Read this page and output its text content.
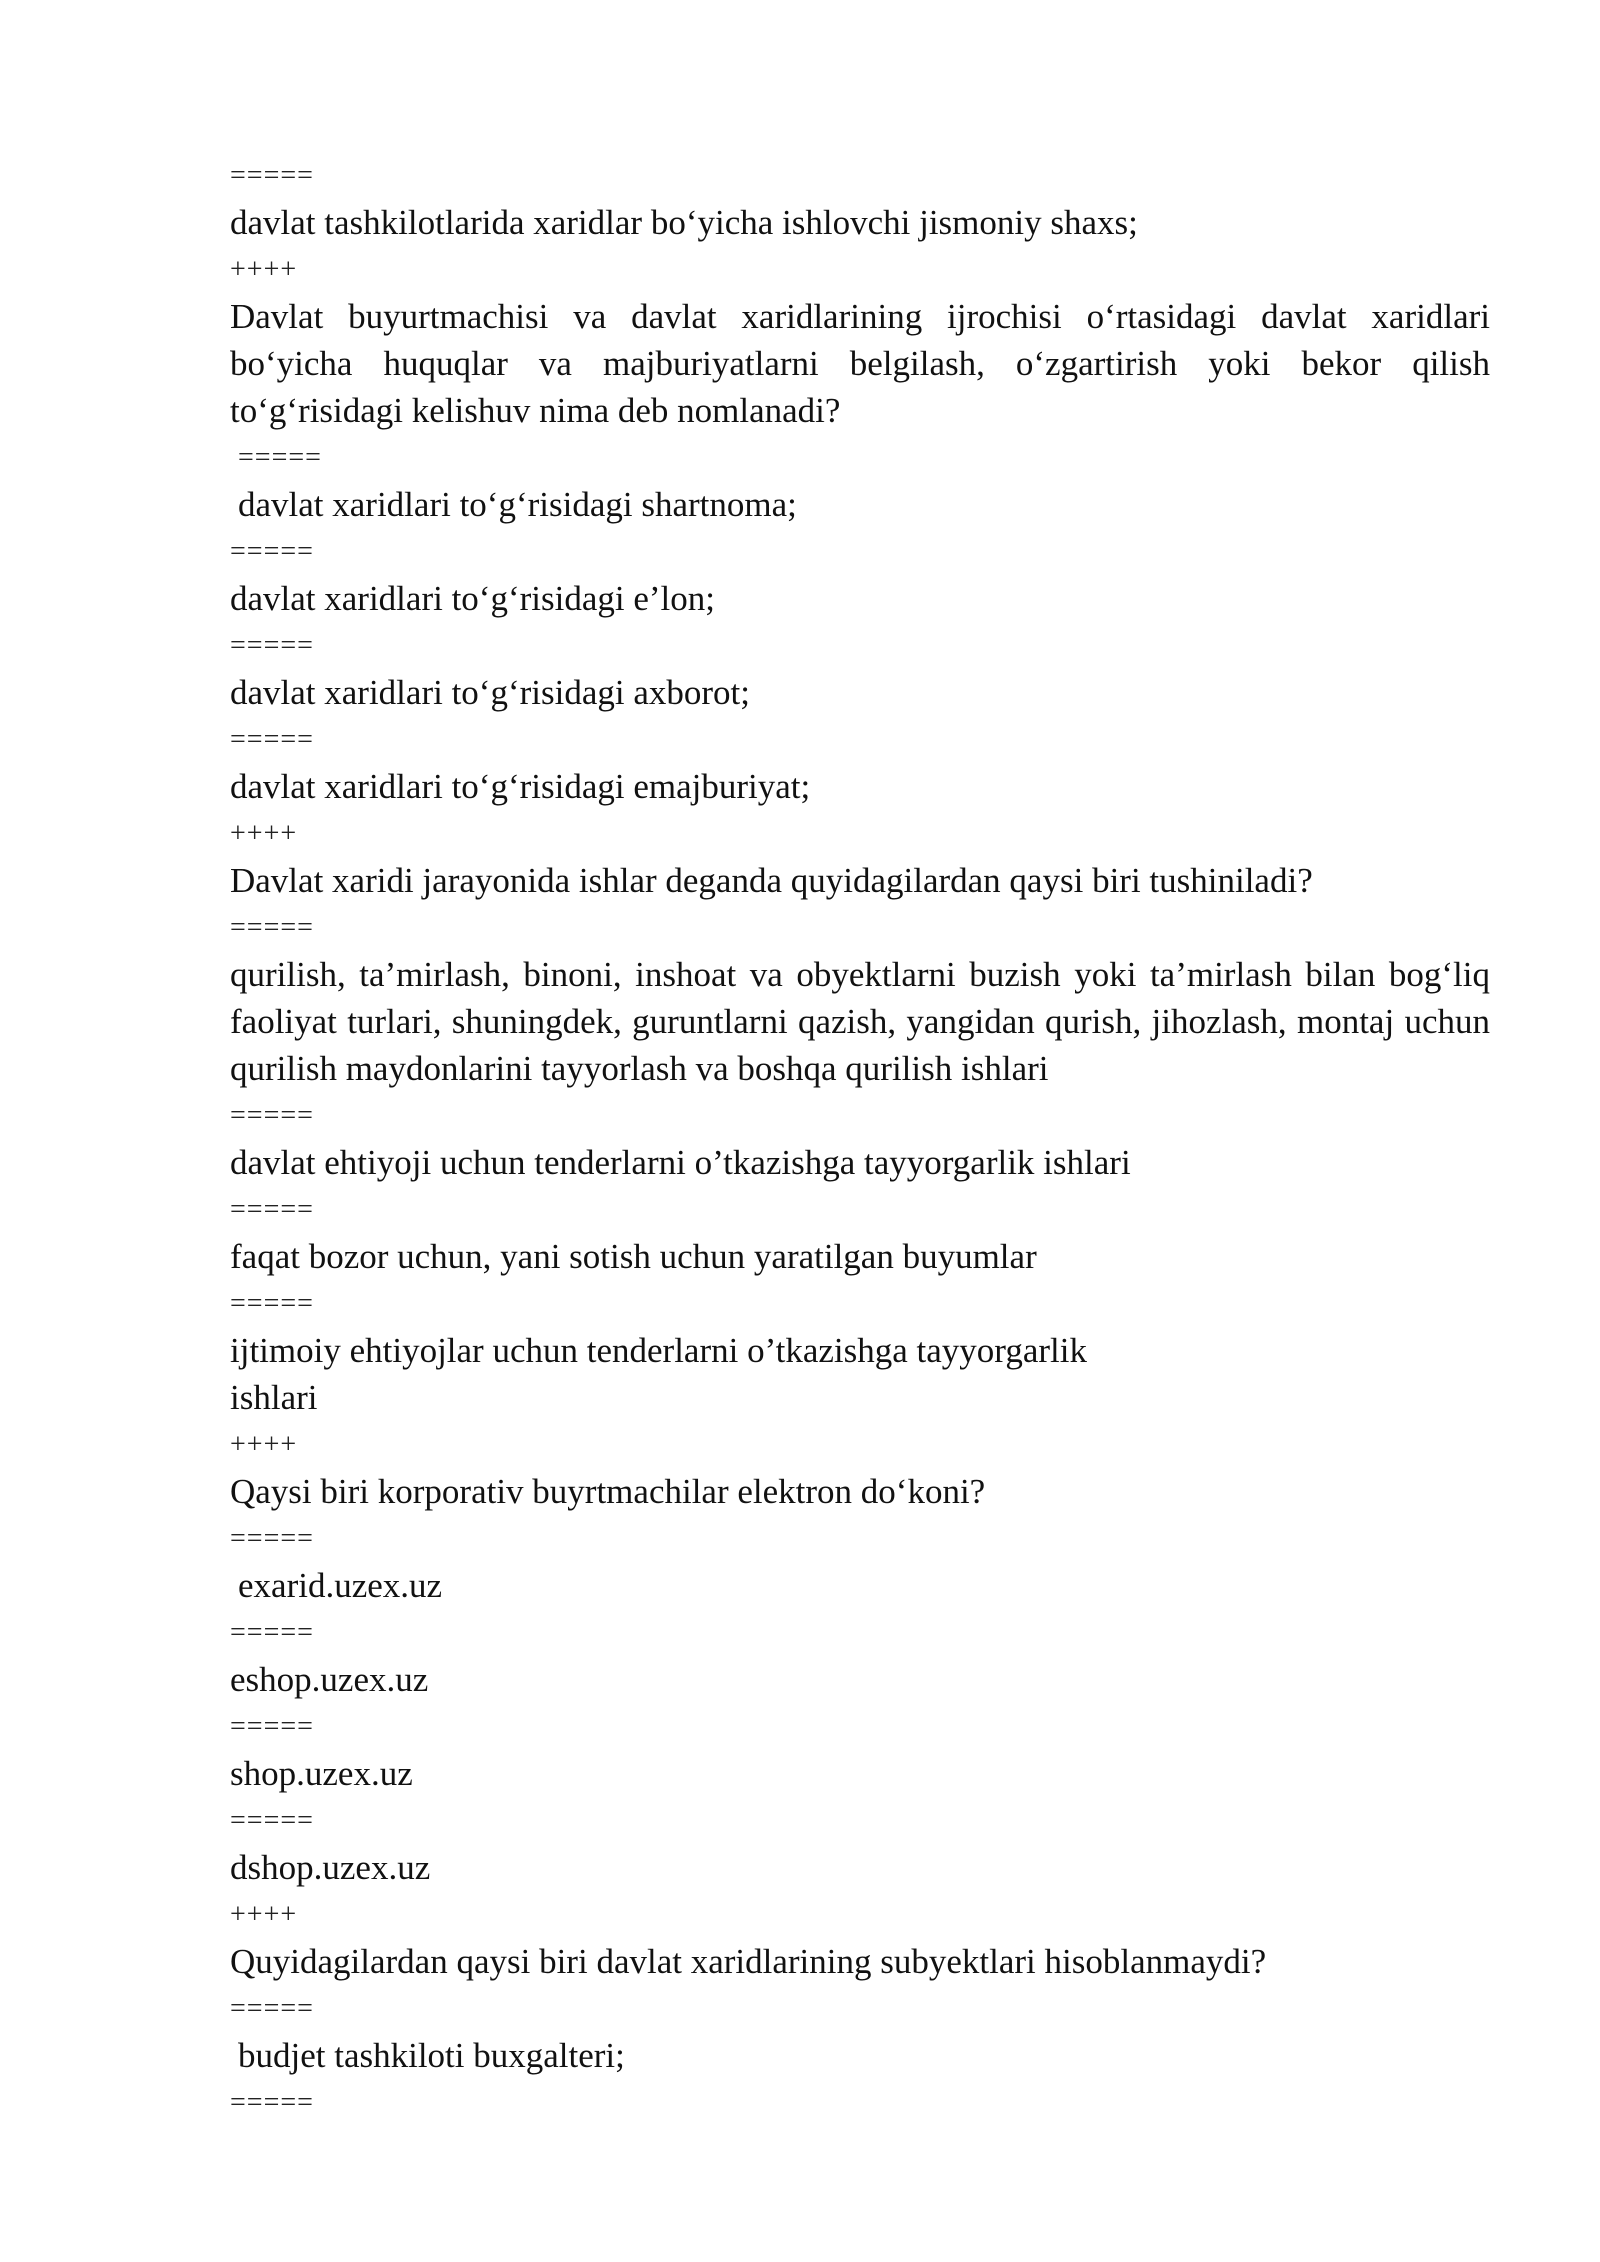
=====
davlat tashkilotlarida xaridlar bo‘yicha ishlovchi jismoniy shaxs;
++++
Davlat buyurtmachisi va davlat xaridlarining ijrochisi o‘rtasidagi davlat xaridlari bo‘yicha huquqlar va majburiyatlarni belgilash, o‘zgartirish yoki bekor qilish to‘g‘risidagi kelishuv nima deb nomlanadi?
=====
davlat xaridlari to‘g‘risidagi shartnoma;
=====
davlat xaridlari to‘g‘risidagi e’lon;
=====
davlat xaridlari to‘g‘risidagi axborot;
=====
davlat xaridlari to‘g‘risidagi emajburiyat;
++++
Davlat xaridi jarayonida ishlar deganda quyidagilardan qaysi biri tushiniladi?
=====
qurilish, ta’mirlash, binoni, inshoat va obyektlarni buzish yoki ta’mirlash bilan bog‘liq faoliyat turlari, shuningdek, guruntlarni qazish, yangidan qurish, jihozlash, montaj uchun qurilish maydonlarini tayyorlash va boshqa qurilish ishlari
=====
davlat ehtiyoji uchun tenderlarni o’tkazishga tayyorgarlik ishlari
=====
faqat bozor uchun, yani sotish uchun yaratilgan buyumlar
=====
ijtimoiy ehtiyojlar uchun tenderlarni o’tkazishga tayyorgarlik
ishlari
++++
Qaysi biri korporativ buyrtmachilar elektron do‘koni?
=====
exarid.uzex.uz
=====
eshop.uzex.uz
=====
shop.uzex.uz
=====
dshop.uzex.uz
++++
Quyidagilardan qaysi biri davlat xaridlarining subyektlari hisoblanmaydi?
=====
budjet tashkiloti buxgalteri;
=====
